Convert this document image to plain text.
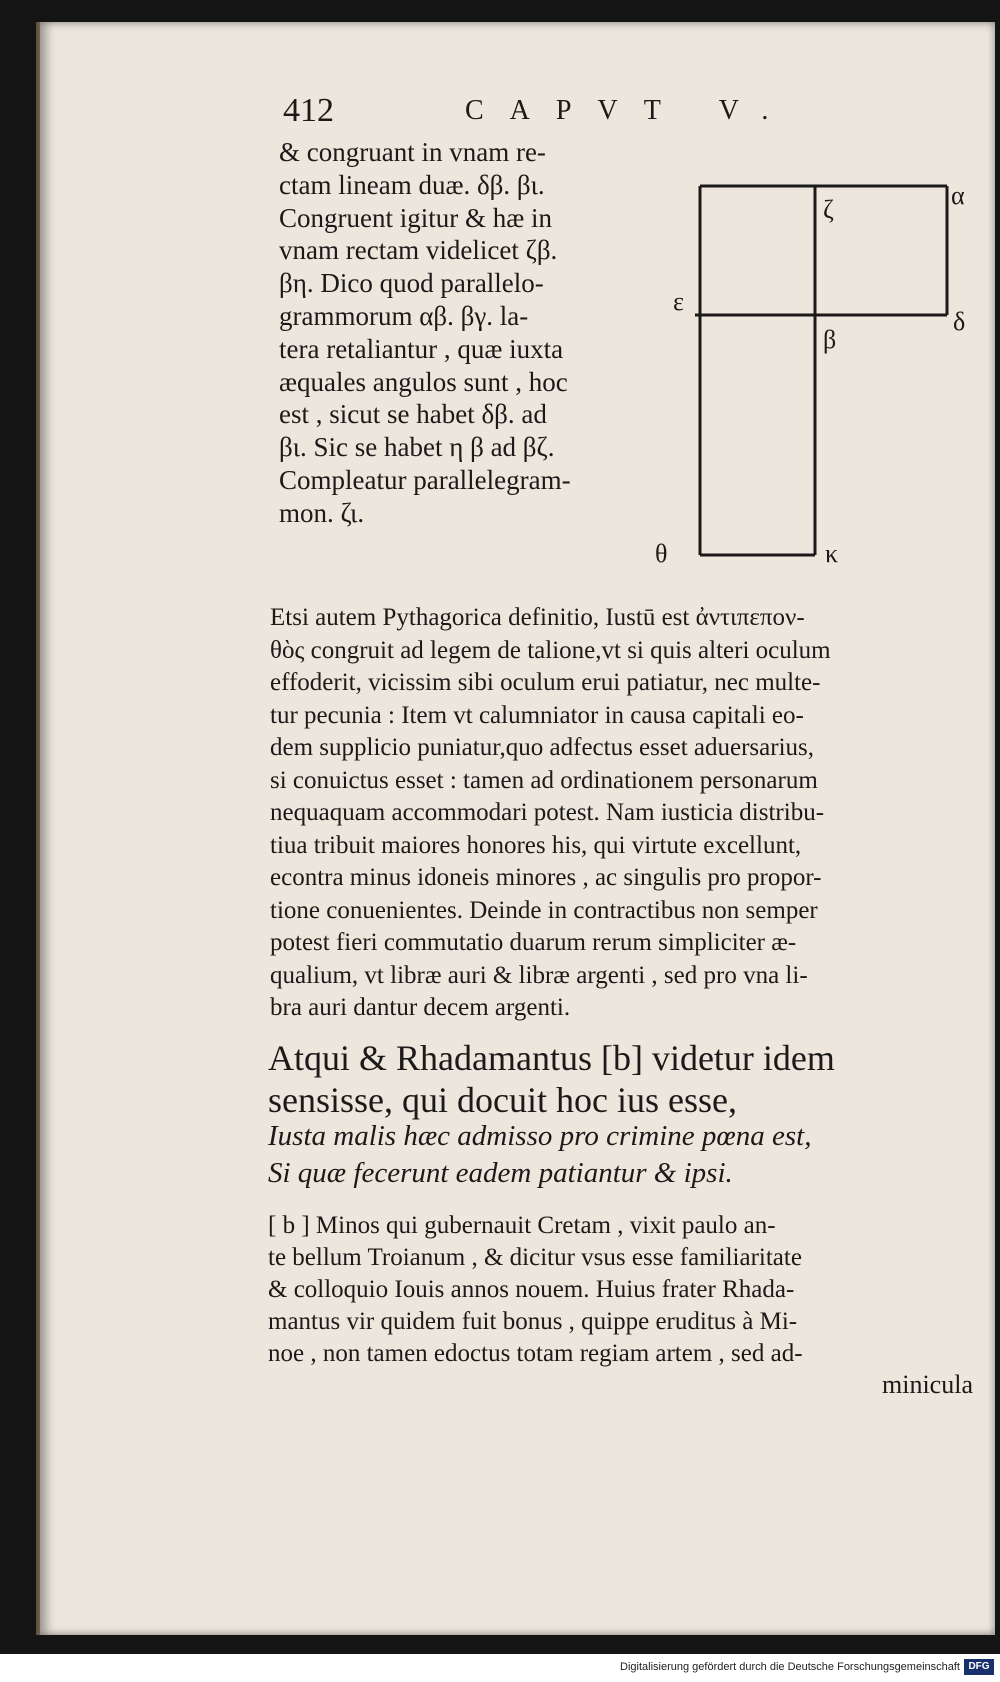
412	CAPVT V.
& congruant in vnam re-
ctam lineam duæ. δβ. βι.
Congruent igitur & hæ in
vnam rectam videlicet ζβ.
βη. Dico quod parallelo-
grammorum αβ. βγ. la-
tera retaliantur , quæ iuxta
æquales angulos sunt , hoc
est , sicut se habet δβ. ad
βι. Sic se habet η β ad βζ.
Compleatur parallelegram-
mon. ζι.
ζ	α
ε
δ
β
θ	κ
Etsi autem Pythagorica definitio, Iustū est ἀντιπεπον-
θὸς congruit ad legem de talione,vt si quis alteri oculum
effoderit, vicissim sibi oculum erui patiatur, nec multe-
tur pecunia : Item vt calumniator in causa capitali eo-
dem supplicio puniatur,quo adfectus esset aduersarius,
si conuictus esset : tamen ad ordinationem personarum
nequaquam accommodari potest. Nam iusticia distribu-
tiua tribuit maiores honores his, qui virtute excellunt,
econtra minus idoneis minores , ac singulis pro propor-
tione conuenientes. Deinde in contractibus non semper
potest fieri commutatio duarum rerum simpliciter æ-
qualium, vt libræ auri & libræ argenti , sed pro vna li-
bra auri dantur decem argenti.
Atqui & Rhadamantus [b] videtur idem
sensisse, qui docuit hoc ius esse,
Iusta malis hæc admisso pro crimine pœna est,
Si quæ fecerunt eadem patiantur & ipsi.
[ b ] Minos qui gubernauit Cretam , vixit paulo an-
te bellum Troianum , & dicitur vsus esse familiaritate
& colloquio Iouis annos nouem. Huius frater Rhada-
mantus vir quidem fuit bonus , quippe eruditus à Mi-
noe , non tamen edoctus totam regiam artem , sed ad-
minicula
Digitalisierung gefördert durch die Deutsche Forschungsgemeinschaft DFG
